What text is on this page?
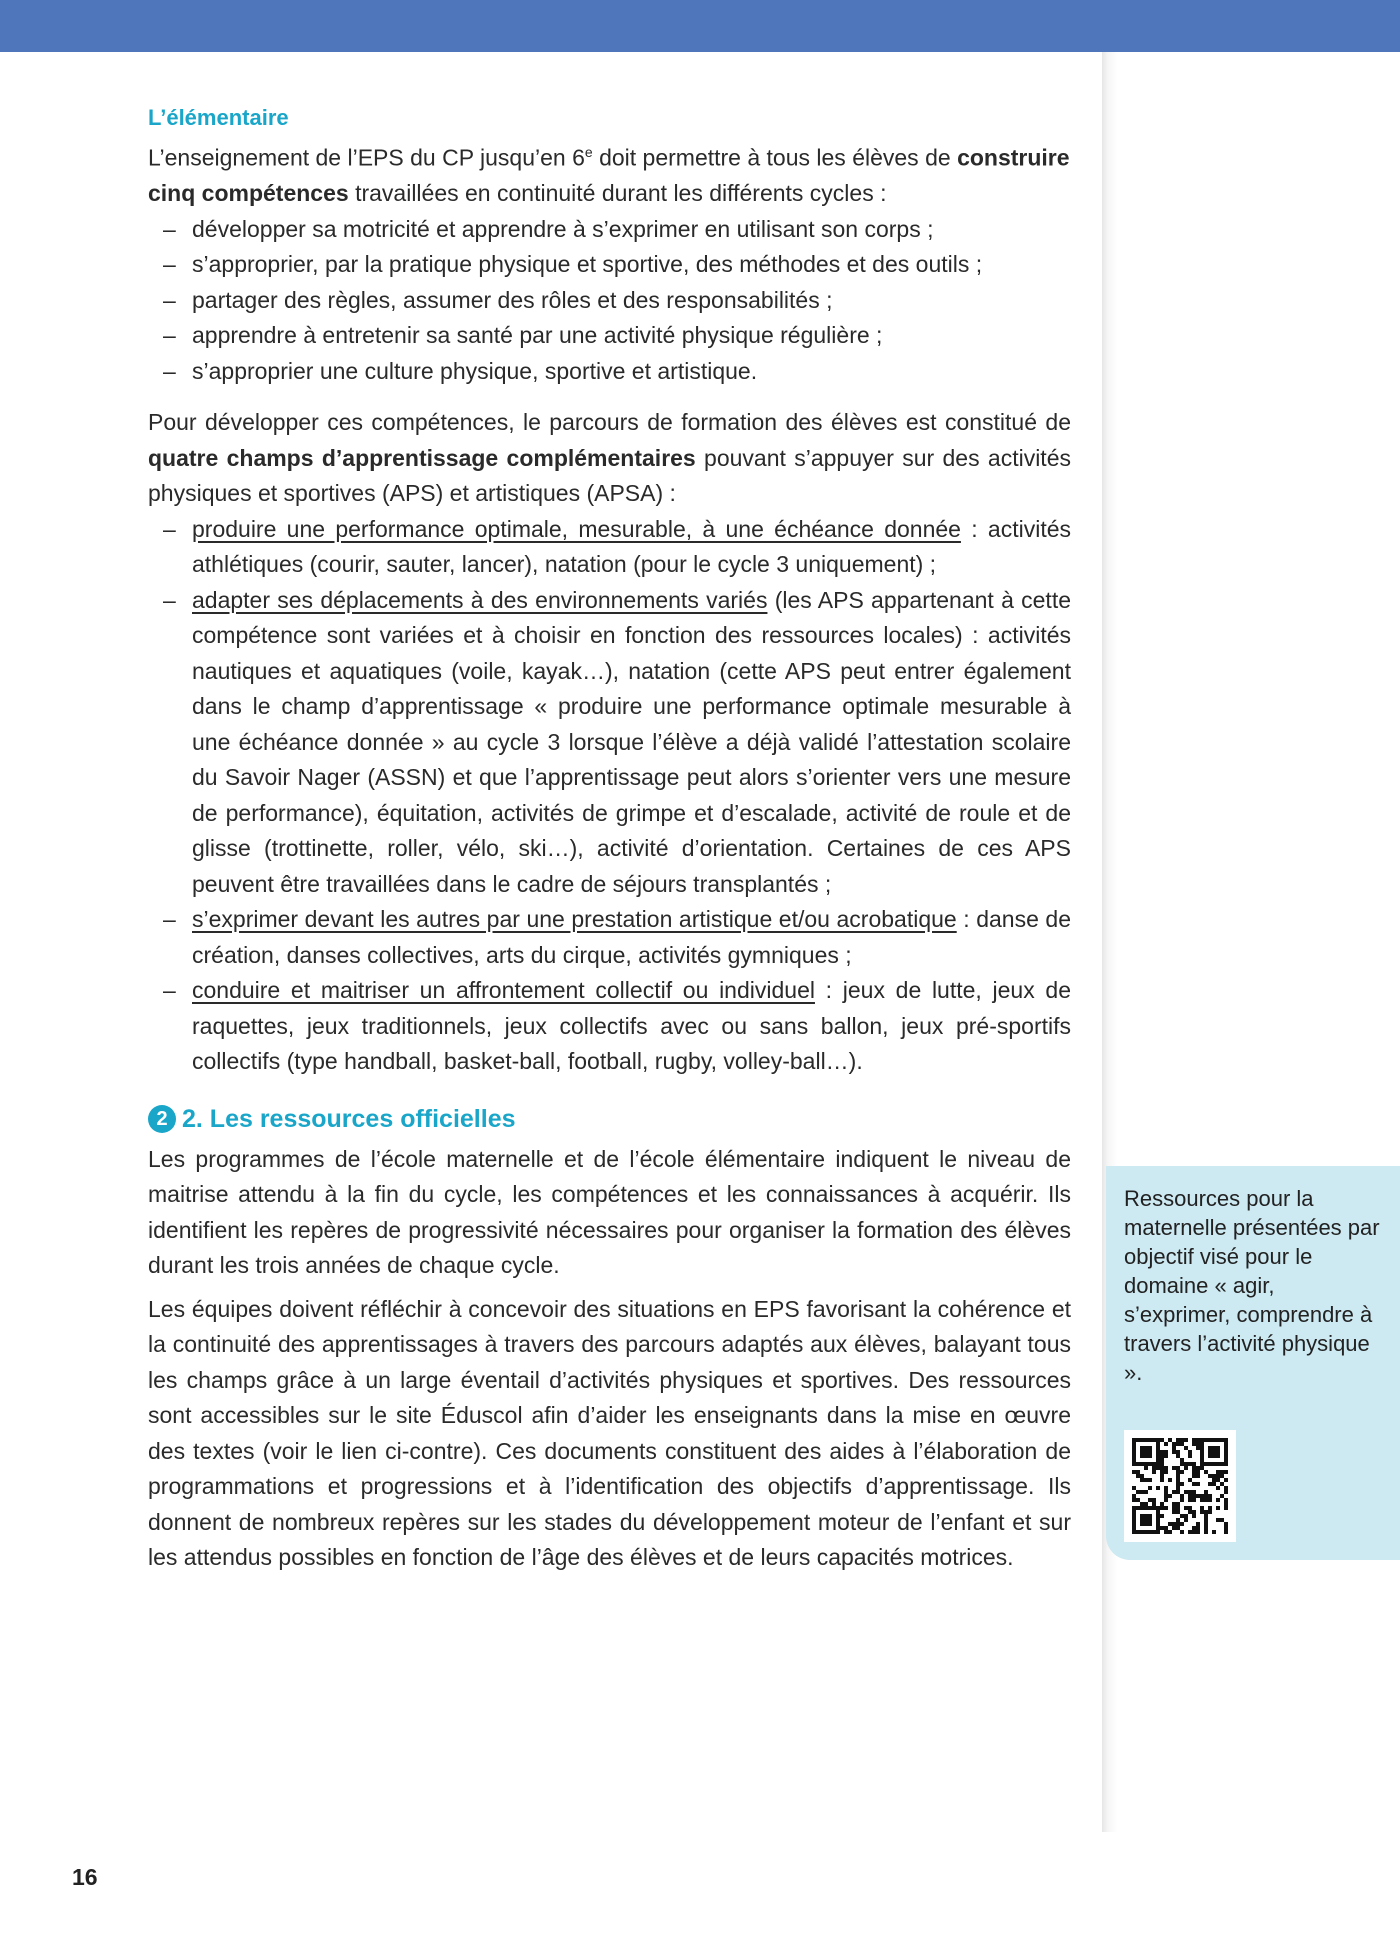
L’élémentaire

L’enseignement de l’EPS du CP jusqu’en 6e doit permettre à tous les élèves de construire cinq compétences travaillées en continuité durant les différents cycles :

– développer sa motricité et apprendre à s’exprimer en utilisant son corps ;
– s’approprier, par la pratique physique et sportive, des méthodes et des outils ;
– partager des règles, assumer des rôles et des responsabilités ;
– apprendre à entretenir sa santé par une activité physique régulière ;
– s’approprier une culture physique, sportive et artistique.

Pour développer ces compétences, le parcours de formation des élèves est constitué de quatre champs d’apprentissage complémentaires pouvant s’appuyer sur des activités physiques et sportives (APS) et artistiques (APSA) :

– produire une performance optimale, mesurable, à une échéance donnée : activités athlétiques (courir, sauter, lancer), natation (pour le cycle 3 uniquement) ;
– adapter ses déplacements à des environnements variés (les APS appartenant à cette compétence sont variées et à choisir en fonction des ressources locales) : activités nautiques et aquatiques (voile, kayak…), natation (cette APS peut entrer également dans le champ d’apprentissage « produire une performance optimale mesurable à une échéance donnée » au cycle 3 lorsque l’élève a déjà validé l’attestation scolaire du Savoir Nager (ASSN) et que l’apprentissage peut alors s’orienter vers une mesure de performance), équitation, activités de grimpe et d’escalade, activité de roule et de glisse (trottinette, roller, vélo, ski…), activité d’orientation. Certaines de ces APS peuvent être travaillées dans le cadre de séjours transplantés ;
– s’exprimer devant les autres par une prestation artistique et/ou acrobatique : danse de création, danses collectives, arts du cirque, activités gymniques ;
– conduire et maitriser un affrontement collectif ou individuel : jeux de lutte, jeux de raquettes, jeux traditionnels, jeux collectifs avec ou sans ballon, jeux pré-sportifs collectifs (type handball, basket-ball, football, rugby, volley-ball…).
2 2. Les ressources officielles

Les programmes de l’école maternelle et de l’école élémentaire indiquent le niveau de maitrise attendu à la fin du cycle, les compétences et les connaissances à acquérir. Ils identifient les repères de progressivité nécessaires pour organiser la formation des élèves durant les trois années de chaque cycle.

Les équipes doivent réfléchir à concevoir des situations en EPS favorisant la cohérence et la continuité des apprentissages à travers des parcours adaptés aux élèves, balayant tous les champs grâce à un large éventail d’activités physiques et sportives. Des ressources sont accessibles sur le site Éduscol afin d’aider les enseignants dans la mise en œuvre des textes (voir le lien ci-contre). Ces documents constituent des aides à l’élaboration de programmations et progressions et à l’identification des objectifs d’apprentissage. Ils donnent de nombreux repères sur les stades du développement moteur de l’enfant et sur les attendus possibles en fonction de l’âge des élèves et de leurs capacités motrices.

Ressources pour la maternelle présentées par objectif visé pour le domaine « agir, s’exprimer, comprendre à travers l’activité physique ».

16
